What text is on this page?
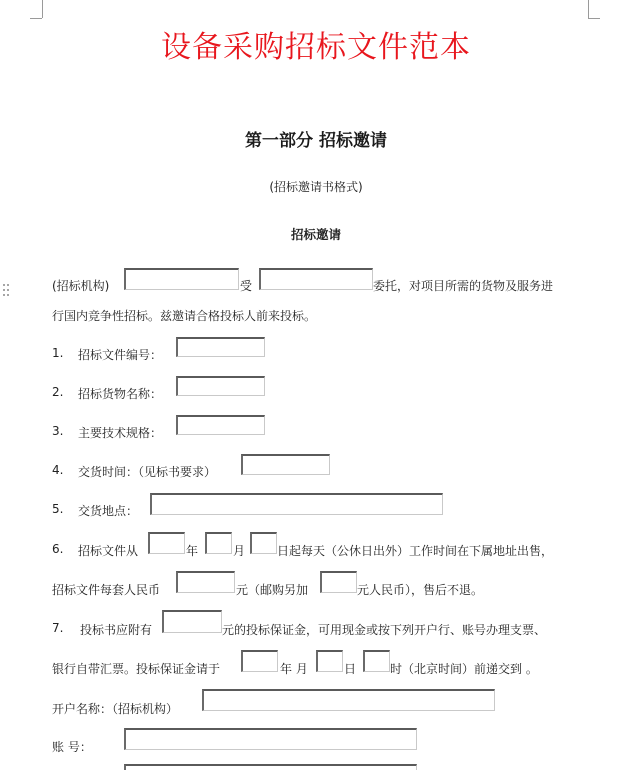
设备采购招标文件范本
第一部分 招标邀请
(招标邀请书格式)
招标邀请
(招标机构)	受	委托，对项目所需的货物及服务进
行国内竞争性招标。兹邀请合格投标人前来投标。
1. 招标文件编号：
2. 招标货物名称：
3. 主要技术规格：
4. 交货时间：（见标书要求）
5. 交货地点：
6. 招标文件从	年	月	日起每天（公休日出外）工作时间在下属地址出售，
招标文件每套人民币	元（邮购另加	元人民币），售后不退。
7. 投标书应附有	元的投标保证金，可用现金或按下列开户行、账号办理支票、
银行自带汇票。投标保证金请于	年 月	日	时（北京时间）前递交到 。
开户名称：（招标机构）
账 号：
